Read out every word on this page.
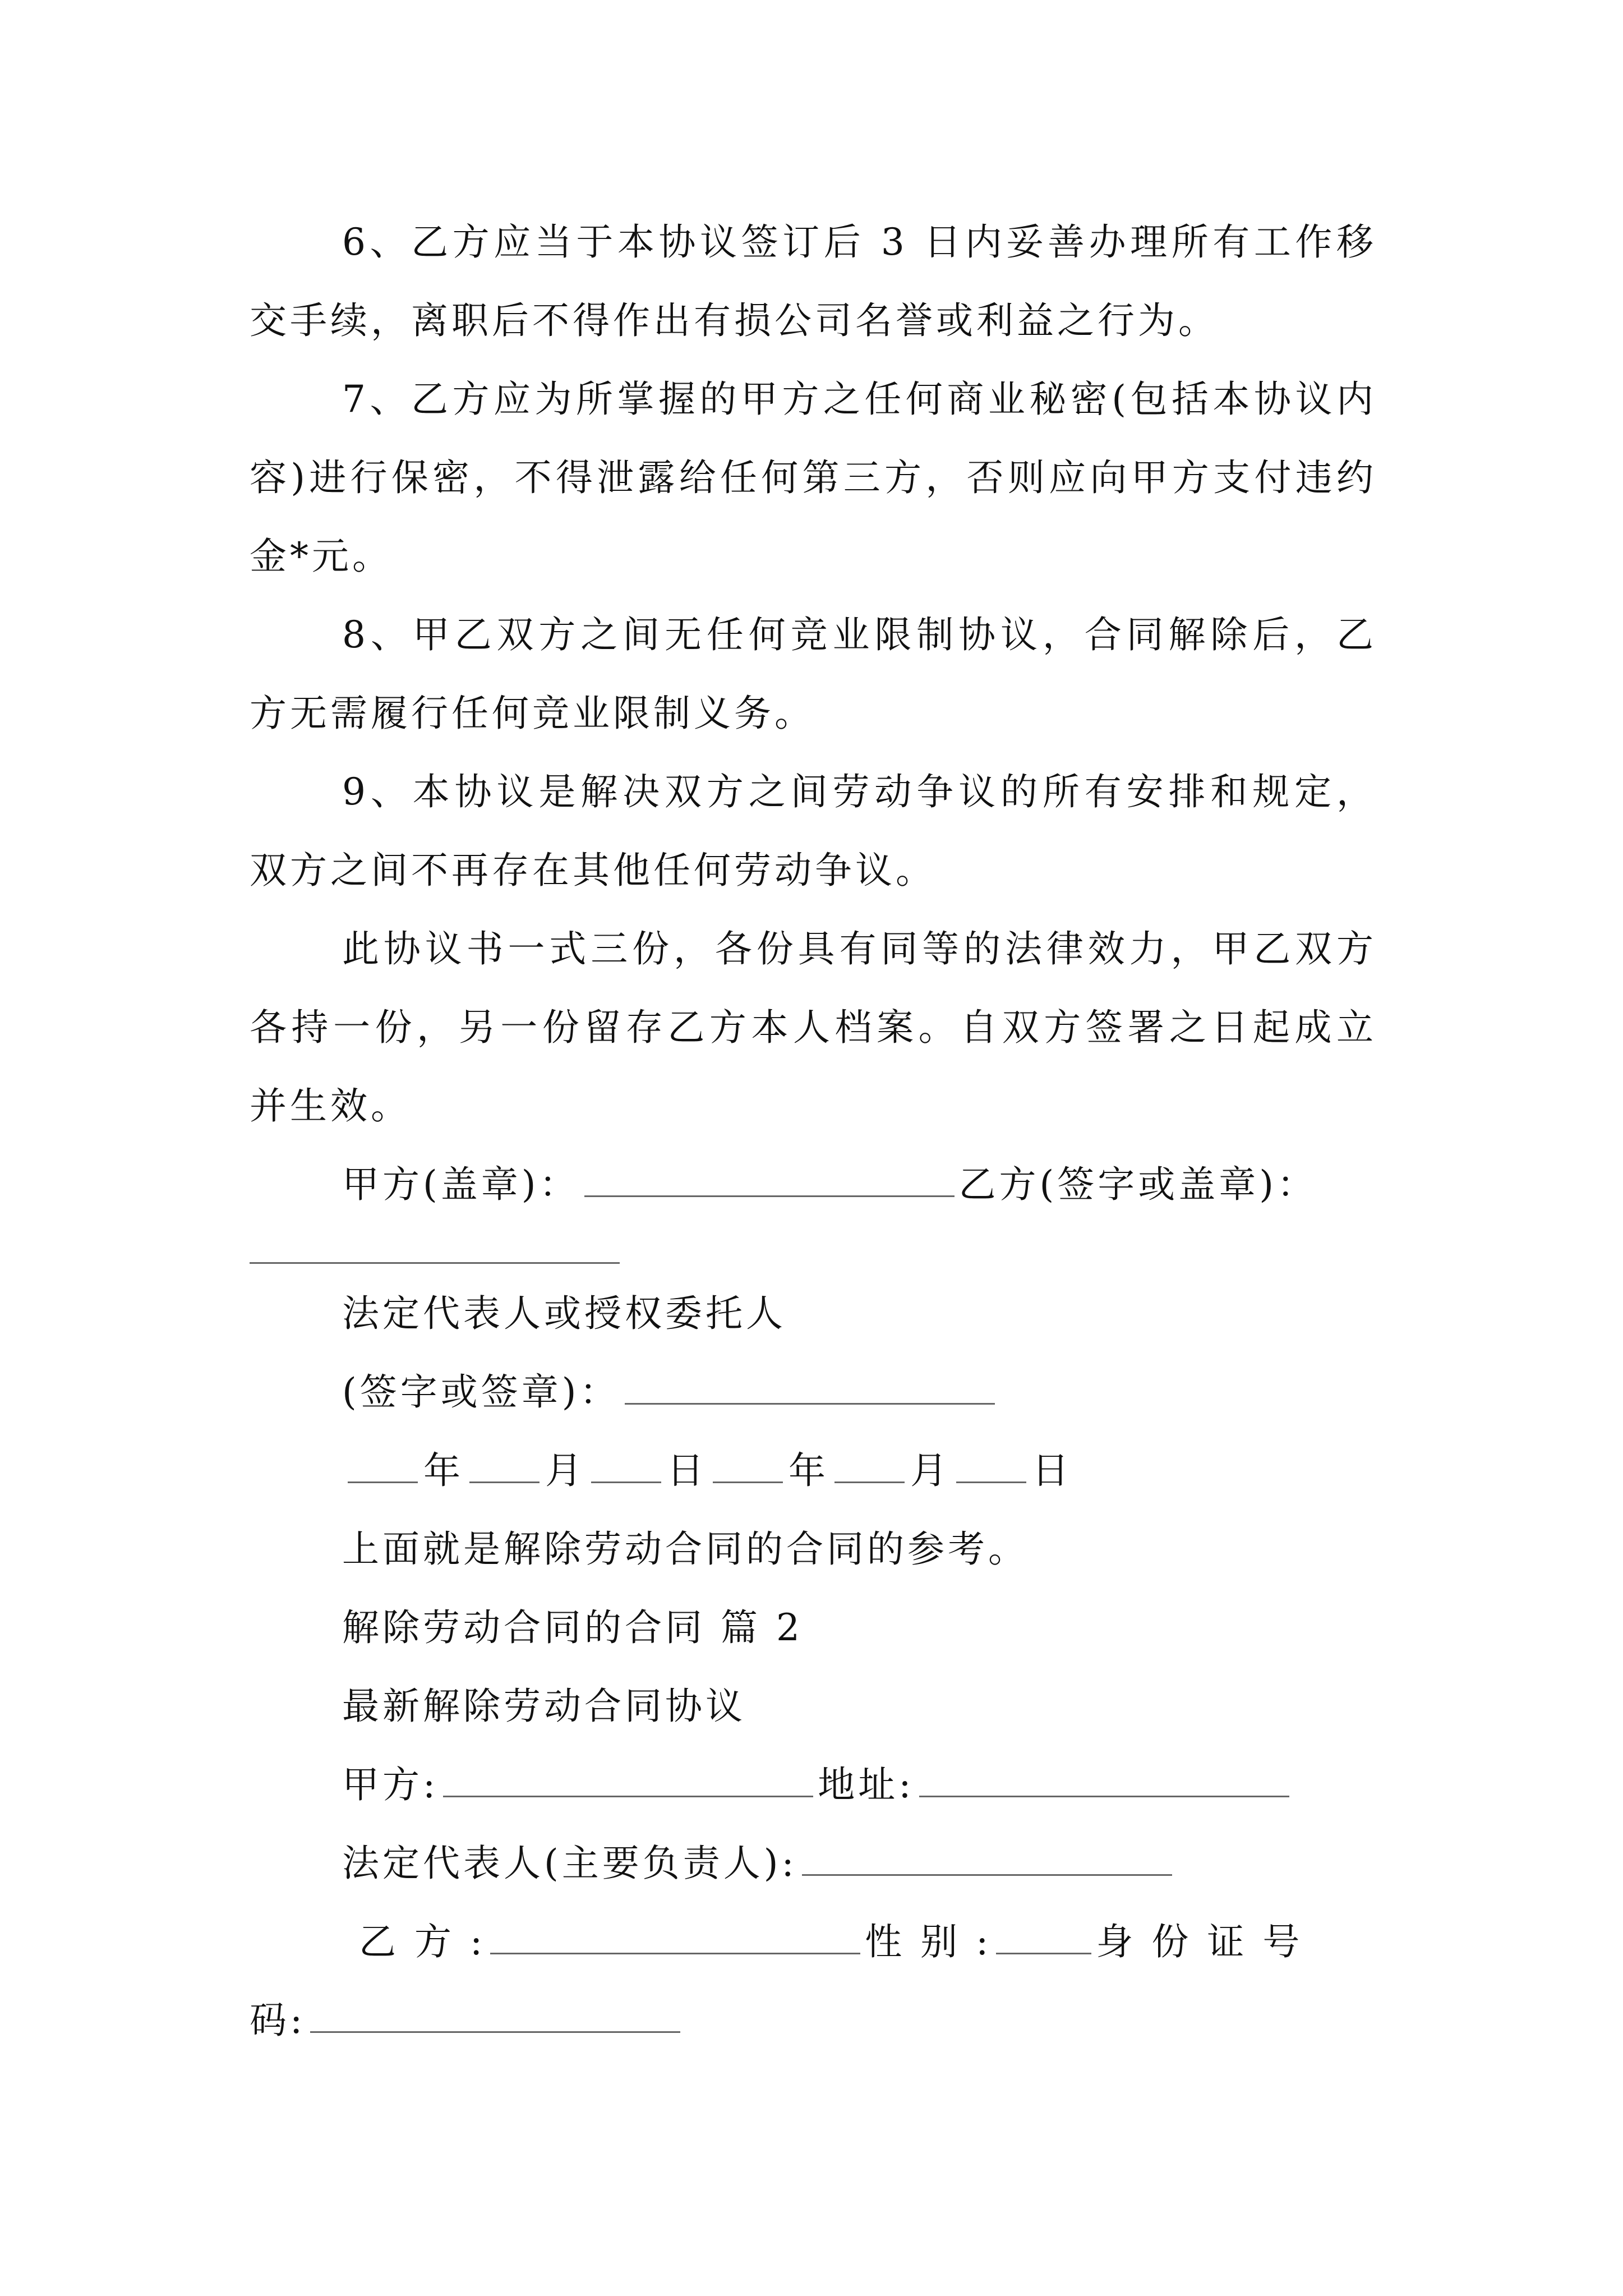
6、乙方应当于本协议签订后 3 日内妥善办理所有工作移交手续，离职后不得作出有损公司名誉或利益之行为。

7、乙方应为所掌握的甲方之任何商业秘密(包括本协议内容)进行保密，不得泄露给任何第三方，否则应向甲方支付违约金*元。

8、甲乙双方之间无任何竞业限制协议，合同解除后，乙方无需履行任何竞业限制义务。

9、本协议是解决双方之间劳动争议的所有安排和规定，双方之间不再存在其他任何劳动争议。

此协议书一式三份，各份具有同等的法律效力，甲乙双方各持一份，另一份留存乙方本人档案。自双方签署之日起成立并生效。

甲方(盖章)：	乙方(签字或盖章)：
法定代表人或授权委托人
(签字或签章)：
年 月 日 年 月 日
上面就是解除劳动合同的合同的参考。
解除劳动合同的合同 篇 2
最新解除劳动合同协议
甲方:	地址:
法定代表人(主要负责人):
乙 方 :	性 别 :	身 份 证 号
码:
